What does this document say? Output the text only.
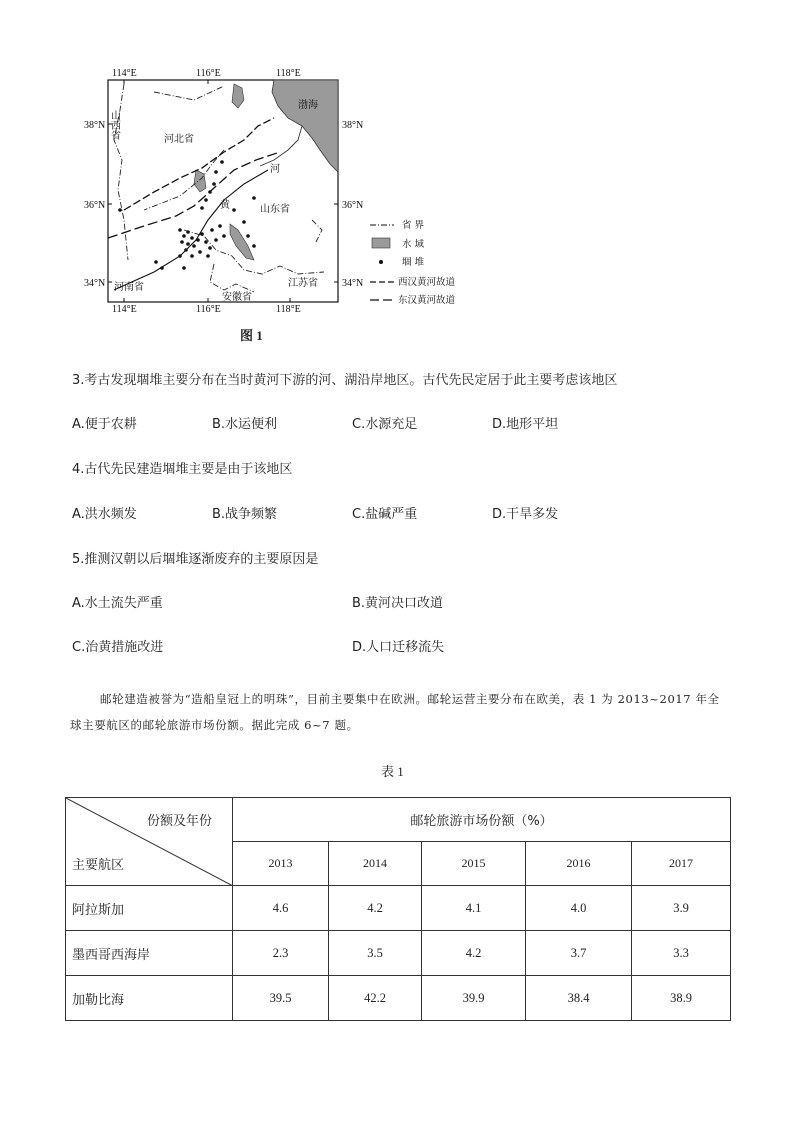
114°E	116°E	118°E
114°E	116°E	118°E
38°N
36°N
34°N
38°N
36°N
34°N
山西省	河北省
山东省
河南省
安徽省
江苏省
渤海
河
黄
省 界
水 域
堌 堆
西汉黄河故道
东汉黄河故道
图 1
3.考古发现堌堆主要分布在当时黄河下游的河、湖沿岸地区。古代先民定居于此主要考虑该地区
A.便于农耕	B.水运便利	C.水源充足	D.地形平坦
4.古代先民建造堌堆主要是由于该地区
A.洪水频发	B.战争频繁	C.盐碱严重	D.干旱多发
5.推测汉朝以后堌堆逐渐废弃的主要原因是
A.水土流失严重	B.黄河决口改道
C.治黄措施改进	D.人口迁移流失
邮轮建造被誉为“造船皇冠上的明珠”，目前主要集中在欧洲。邮轮运营主要分布在欧美，表 1 为 2013~2017 年全球主要航区的邮轮旅游市场份额。据此完成 6~7 题。
表 1
份额及年份
主要航区	邮轮旅游市场份额（%）				
	2013	2014	2015	2016	2017
阿拉斯加	4.6	4.2	4.1	4.0	3.9
墨西哥西海岸	2.3	3.5	4.2	3.7	3.3
加勒比海	39.5	42.2	39.9	38.4	38.9
